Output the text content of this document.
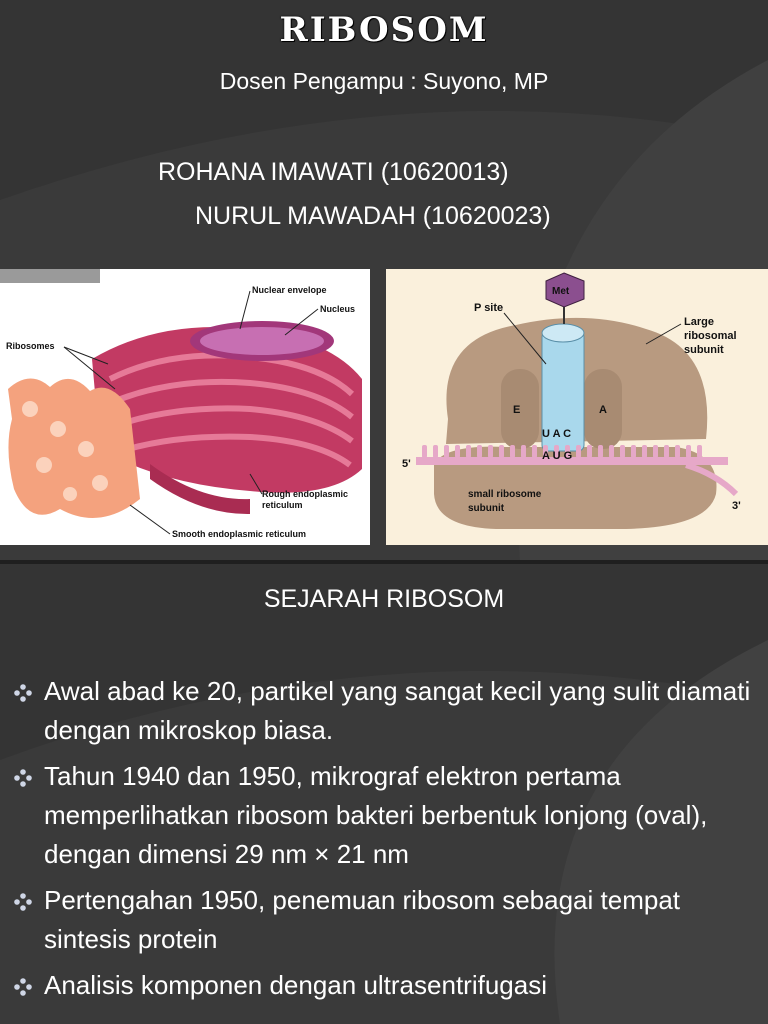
RIBOSOM
Dosen Pengampu : Suyono, MP
ROHANA IMAWATI (10620013)
NURUL MAWADAH (10620023)
Nuclear envelope
Nucleus
Ribosomes
Rough endoplasmic
reticulum
Smooth endoplasmic reticulum
Met
P site
Large
ribosomal
subunit
E	A
U A C
A U G
5'
3'
small ribosome
subunit
SEJARAH RIBOSOM
Awal abad ke 20, partikel yang sangat kecil yang sulit diamati dengan mikroskop biasa.
Tahun 1940 dan 1950, mikrograf elektron pertama memperlihatkan ribosom bakteri berbentuk lonjong (oval), dengan dimensi 29 nm × 21 nm
Pertengahan 1950, penemuan ribosom sebagai tempat sintesis protein
Analisis komponen dengan ultrasentrifugasi
